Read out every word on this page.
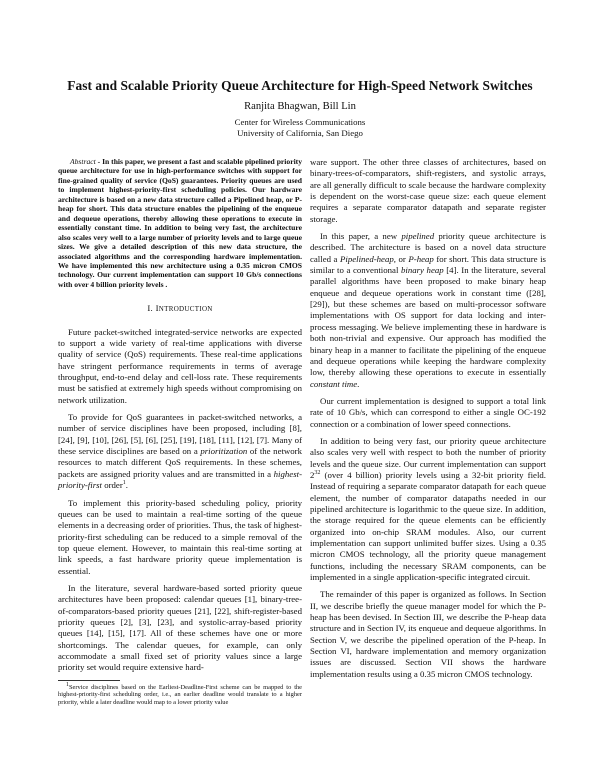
Fast and Scalable Priority Queue Architecture for High-Speed Network Switches
Ranjita Bhagwan, Bill Lin
Center for Wireless Communications
University of California, San Diego

Abstract - In this paper, we present a fast and scalable pipelined priority queue architecture for use in high-performance switches with support for fine-grained quality of service (QoS) guarantees. Priority queues are used to implement highest-priority-first scheduling policies. Our hardware architecture is based on a new data structure called a Pipelined heap, or P-heap for short. This data structure enables the pipelining of the enqueue and dequeue operations, thereby allowing these operations to execute in essentially constant time. In addition to being very fast, the architecture also scales very well to a large number of priority levels and to large queue sizes. We give a detailed description of this new data structure, the associated algorithms and the corresponding hardware implementation. We have implemented this new architecture using a 0.35 micron CMOS technology. Our current implementation can support 10 Gb/s connections with over 4 billion priority levels .

I. INTRODUCTION

Future packet-switched integrated-service networks are expected to support a wide variety of real-time applications with diverse quality of service (QoS) requirements. These real-time applications have stringent performance requirements in terms of average throughput, end-to-end delay and cell-loss rate. These requirements must be satisfied at extremely high speeds without compromising on network utilization.

To provide for QoS guarantees in packet-switched networks, a number of service disciplines have been proposed, including [8], [24], [9], [10], [26], [5], [6], [25], [19], [18], [11], [12], [7]. Many of these service disciplines are based on a prioritization of the network resources to match different QoS requirements. In these schemes, packets are assigned priority values and are transmitted in a highest-priority-first order$^1$.

To implement this priority-based scheduling policy, priority queues can be used to maintain a real-time sorting of the queue elements in a decreasing order of priorities. Thus, the task of highest-priority-first scheduling can be reduced to a simple removal of the top queue element. However, to maintain this real-time sorting at link speeds, a fast hardware priority queue implementation is essential.

In the literature, several hardware-based sorted priority queue architectures have been proposed: calendar queues [1], binary-tree-of-comparators-based priority queues [21], [22], shift-register-based priority queues [2], [3], [23], and systolic-array-based priority queues [14], [15], [17]. All of these schemes have one or more shortcomings. The calendar queues, for example, can only accommodate a small fixed set of priority values since a large priority set would require extensive hard-

$^1$Service disciplines based on the Earliest-Deadline-First scheme can be mapped to the highest-priority-first scheduling order, i.e., an earlier deadline would translate to a higher priority, while a later deadline would map to a lower priority value

ware support. The other three classes of architectures, based on binary-trees-of-comparators, shift-registers, and systolic arrays, are all generally difficult to scale because the hardware complexity is dependent on the worst-case queue size: each queue element requires a separate comparator datapath and separate register storage.

In this paper, a new pipelined priority queue architecture is described. The architecture is based on a novel data structure called a Pipelined-heap, or P-heap for short. This data structure is similar to a conventional binary heap [4]. In the literature, several parallel algorithms have been proposed to make binary heap enqueue and dequeue operations work in constant time ([28], [29]), but these schemes are based on multi-processor software implementations with OS support for data locking and inter-process messaging. We believe implementing these in hardware is both non-trivial and expensive. Our approach has modified the binary heap in a manner to facilitate the pipelining of the enqueue and dequeue operations while keeping the hardware complexity low, thereby allowing these operations to execute in essentially constant time.

Our current implementation is designed to support a total link rate of 10 Gb/s, which can correspond to either a single OC-192 connection or a combination of lower speed connections.

In addition to being very fast, our priority queue architecture also scales very well with respect to both the number of priority levels and the queue size. Our current implementation can support $2^{32}$ (over 4 billion) priority levels using a 32-bit priority field. Instead of requiring a separate comparator datapath for each queue element, the number of comparator datapaths needed in our pipelined architecture is logarithmic to the queue size. In addition, the storage required for the queue elements can be efficiently organized into on-chip SRAM modules. Also, our current implementation can support unlimited buffer sizes. Using a 0.35 micron CMOS technology, all the priority queue management functions, including the necessary SRAM components, can be implemented in a single application-specific integrated circuit.

The remainder of this paper is organized as follows. In Section II, we describe briefly the queue manager model for which the P-heap has been devised. In Section III, we describe the P-heap data structure and in Section IV, its enqueue and dequeue algorithms. In Section V, we describe the pipelined operation of the P-heap. In Section VI, hardware implementation and memory organization issues are discussed. Section VII shows the hardware implementation results using a 0.35 micron CMOS technology.
